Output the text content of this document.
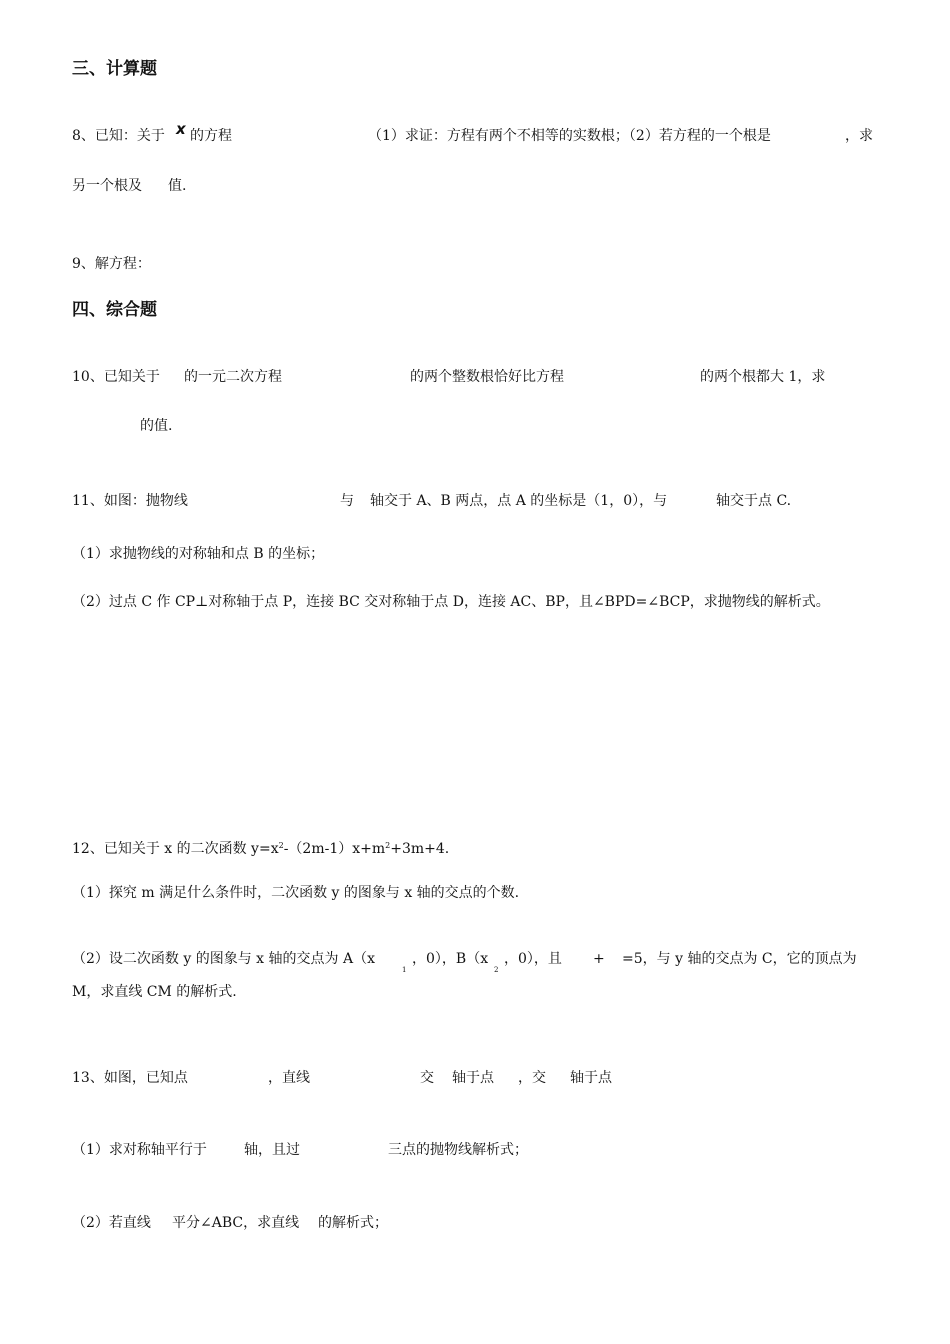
三、计算题
8、已知：关于 x 的方程	（1）求证：方程有两个不相等的实数根；（2）若方程的一个根是	，求
另一个根及 值.
9、解方程：
四、综合题
10、已知关于 的一元二次方程	的两个整数根恰好比方程	的两个根都大 1，求
的值.
11、如图：抛物线	与 轴交于 A、B 两点，点 A 的坐标是（1，0），与	轴交于点 C.
（1）求抛物线的对称轴和点 B 的坐标；
（2）过点 C 作 CP⊥对称轴于点 P，连接 BC 交对称轴于点 D，连接 AC、BP，且∠BPD=∠BCP，求抛物线的解析式。
12、已知关于 x 的二次函数 $y=x^2-(2m-1)x+m^2+3m+4$.
（1）探究 m 满足什么条件时，二次函数 y 的图象与 x 轴的交点的个数.
（2）设二次函数 y 的图象与 x 轴的交点为 A（x
1
，0），B（x
2
，0），且 + =5，与 y 轴的交点为 C，它的顶点为
M，求直线 CM 的解析式.
13、如图，已知点	，直线	交 轴于点 ，交 轴于点
（1）求对称轴平行于	轴，且过	三点的抛物线解析式；
（2）若直线 平分∠ABC，求直线 的解析式；
